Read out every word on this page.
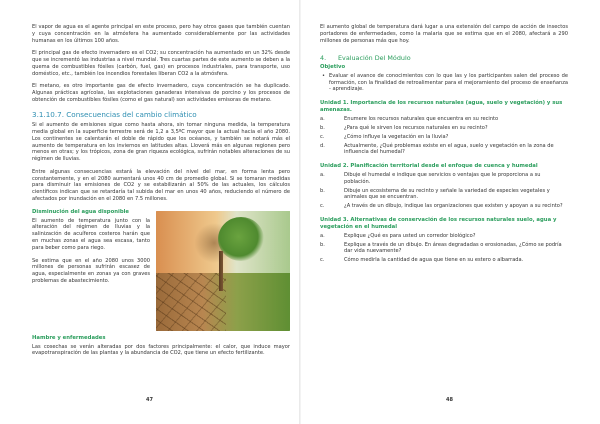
El vapor de agua es el agente principal en este proceso, pero hay otros gases que también cuentan y cuya concentración en la atmósfera ha aumentado considerablemente por las actividades humanas en los últimos 100 años.

El principal gas de efecto invernadero es el CO2; su concentración ha aumentado en un 32% desde que se incrementó las industrias a nivel mundial. Tres cuartas partes de este aumento se deben a la quema de combustibles fósiles (carbón, fuel, gas) en procesos industriales, para transporte, uso doméstico, etc., también los incendios forestales liberan CO2 a la atmósfera.

El metano, es otro importante gas de efecto invernadero, cuya concentración se ha duplicado. Algunas prácticas agrícolas, las explotaciones ganaderas intensivas de porcino y los procesos de obtención de combustibles fósiles (como el gas natural) son actividades emisoras de metano.

3.1.10.7. Consecuencias del cambio climático

Si el aumento de emisiones sigue como hasta ahora, sin tomar ninguna medida, la temperatura media global en la superficie terrestre será de 1,2 a 3,5ºC mayor que la actual hacia el año 2080. Los continentes se calentarán el doble de rápido que los océanos, y también se notará más el aumento de temperatura en los inviernos en latitudes altas. Lloverá más en algunas regiones pero menos en otras; y los trópicos, zona de gran riqueza ecológica, sufrirán notables alteraciones de su régimen de lluvias.

Entre algunas consecuencias estará la elevación del nivel del mar, en forma lenta pero constantemente, y en el 2080 aumentará unos 40 cm de promedio global. Si se tomaran medidas para disminuir las emisiones de CO2 y se estabilizarán al 50% de las actuales, los cálculos científicos indican que se retardaría tal subida del mar en unos 40 años, reduciendo el número de afectados por inundación en el 2080 en 7.5 millones.

Disminución del agua disponible

El aumento de temperatura junto con la alteración del régimen de lluvias y la salinización de acuíferos costeros harán que en muchas zonas el agua sea escasa, tanto para beber como para riego.

Se estima que en el año 2080 unos 3000 millones de personas sufrirán escasez de agua, especialmente en zonas ya con graves problemas de abastecimiento.

Hambre y enfermedades

Las cosechas se verán alteradas por dos factores principalmente: el calor, que induce mayor evapotranspiración de las plantas y la abundancia de CO2, que tiene un efecto fertilizante.

47

El aumento global de temperatura dará lugar a una extensión del campo de acción de insectos portadores de enfermedades, como la malaria que se estima que en el 2080, afectará a 290 millones de personas más que hoy.

4. Evaluación Del Módulo
Objetivo
• Evaluar el avance de conocimientos con lo que las y los participantes salen del proceso de formación, con la finalidad de retroalimentar para el mejoramiento del proceso de enseñanza - aprendizaje.
Unidad 1. Importancia de los recursos naturales (agua, suelo y vegetación) y sus amenazas.
a.	Enumere los recursos naturales que encuentra en su recinto
b.	¿Para qué le sirven los recursos naturales en su recinto?
c.	¿Cómo influye la vegetación en la lluvia?
d.	Actualmente, ¿Qué problemas existe en el agua, suelo y vegetación en la zona de influencia del humedal?
Unidad 2. Planificación territorial desde el enfoque de cuenca y humedal
a.	Dibuje el humedal e indique que servicios o ventajas que le proporciona a su población.
b.	Dibuje un ecosistema de su recinto y señale la variedad de especies vegetales y animales que se encuentran.
c.	¿A través de un dibujo, indique las organizaciones que existen y apoyan a su recinto?
Unidad 3. Alternativas de conservación de los recursos naturales suelo, agua y vegetación en el humedal
a.	Explique ¿Qué es para usted un corredor biológico?
b.	Explique a través de un dibujo. En áreas degradadas o erosionadas, ¿Cómo se podría dar vida nuevamente?
c.	Cómo medirla la cantidad de agua que tiene en su estero o albarrada.
48
